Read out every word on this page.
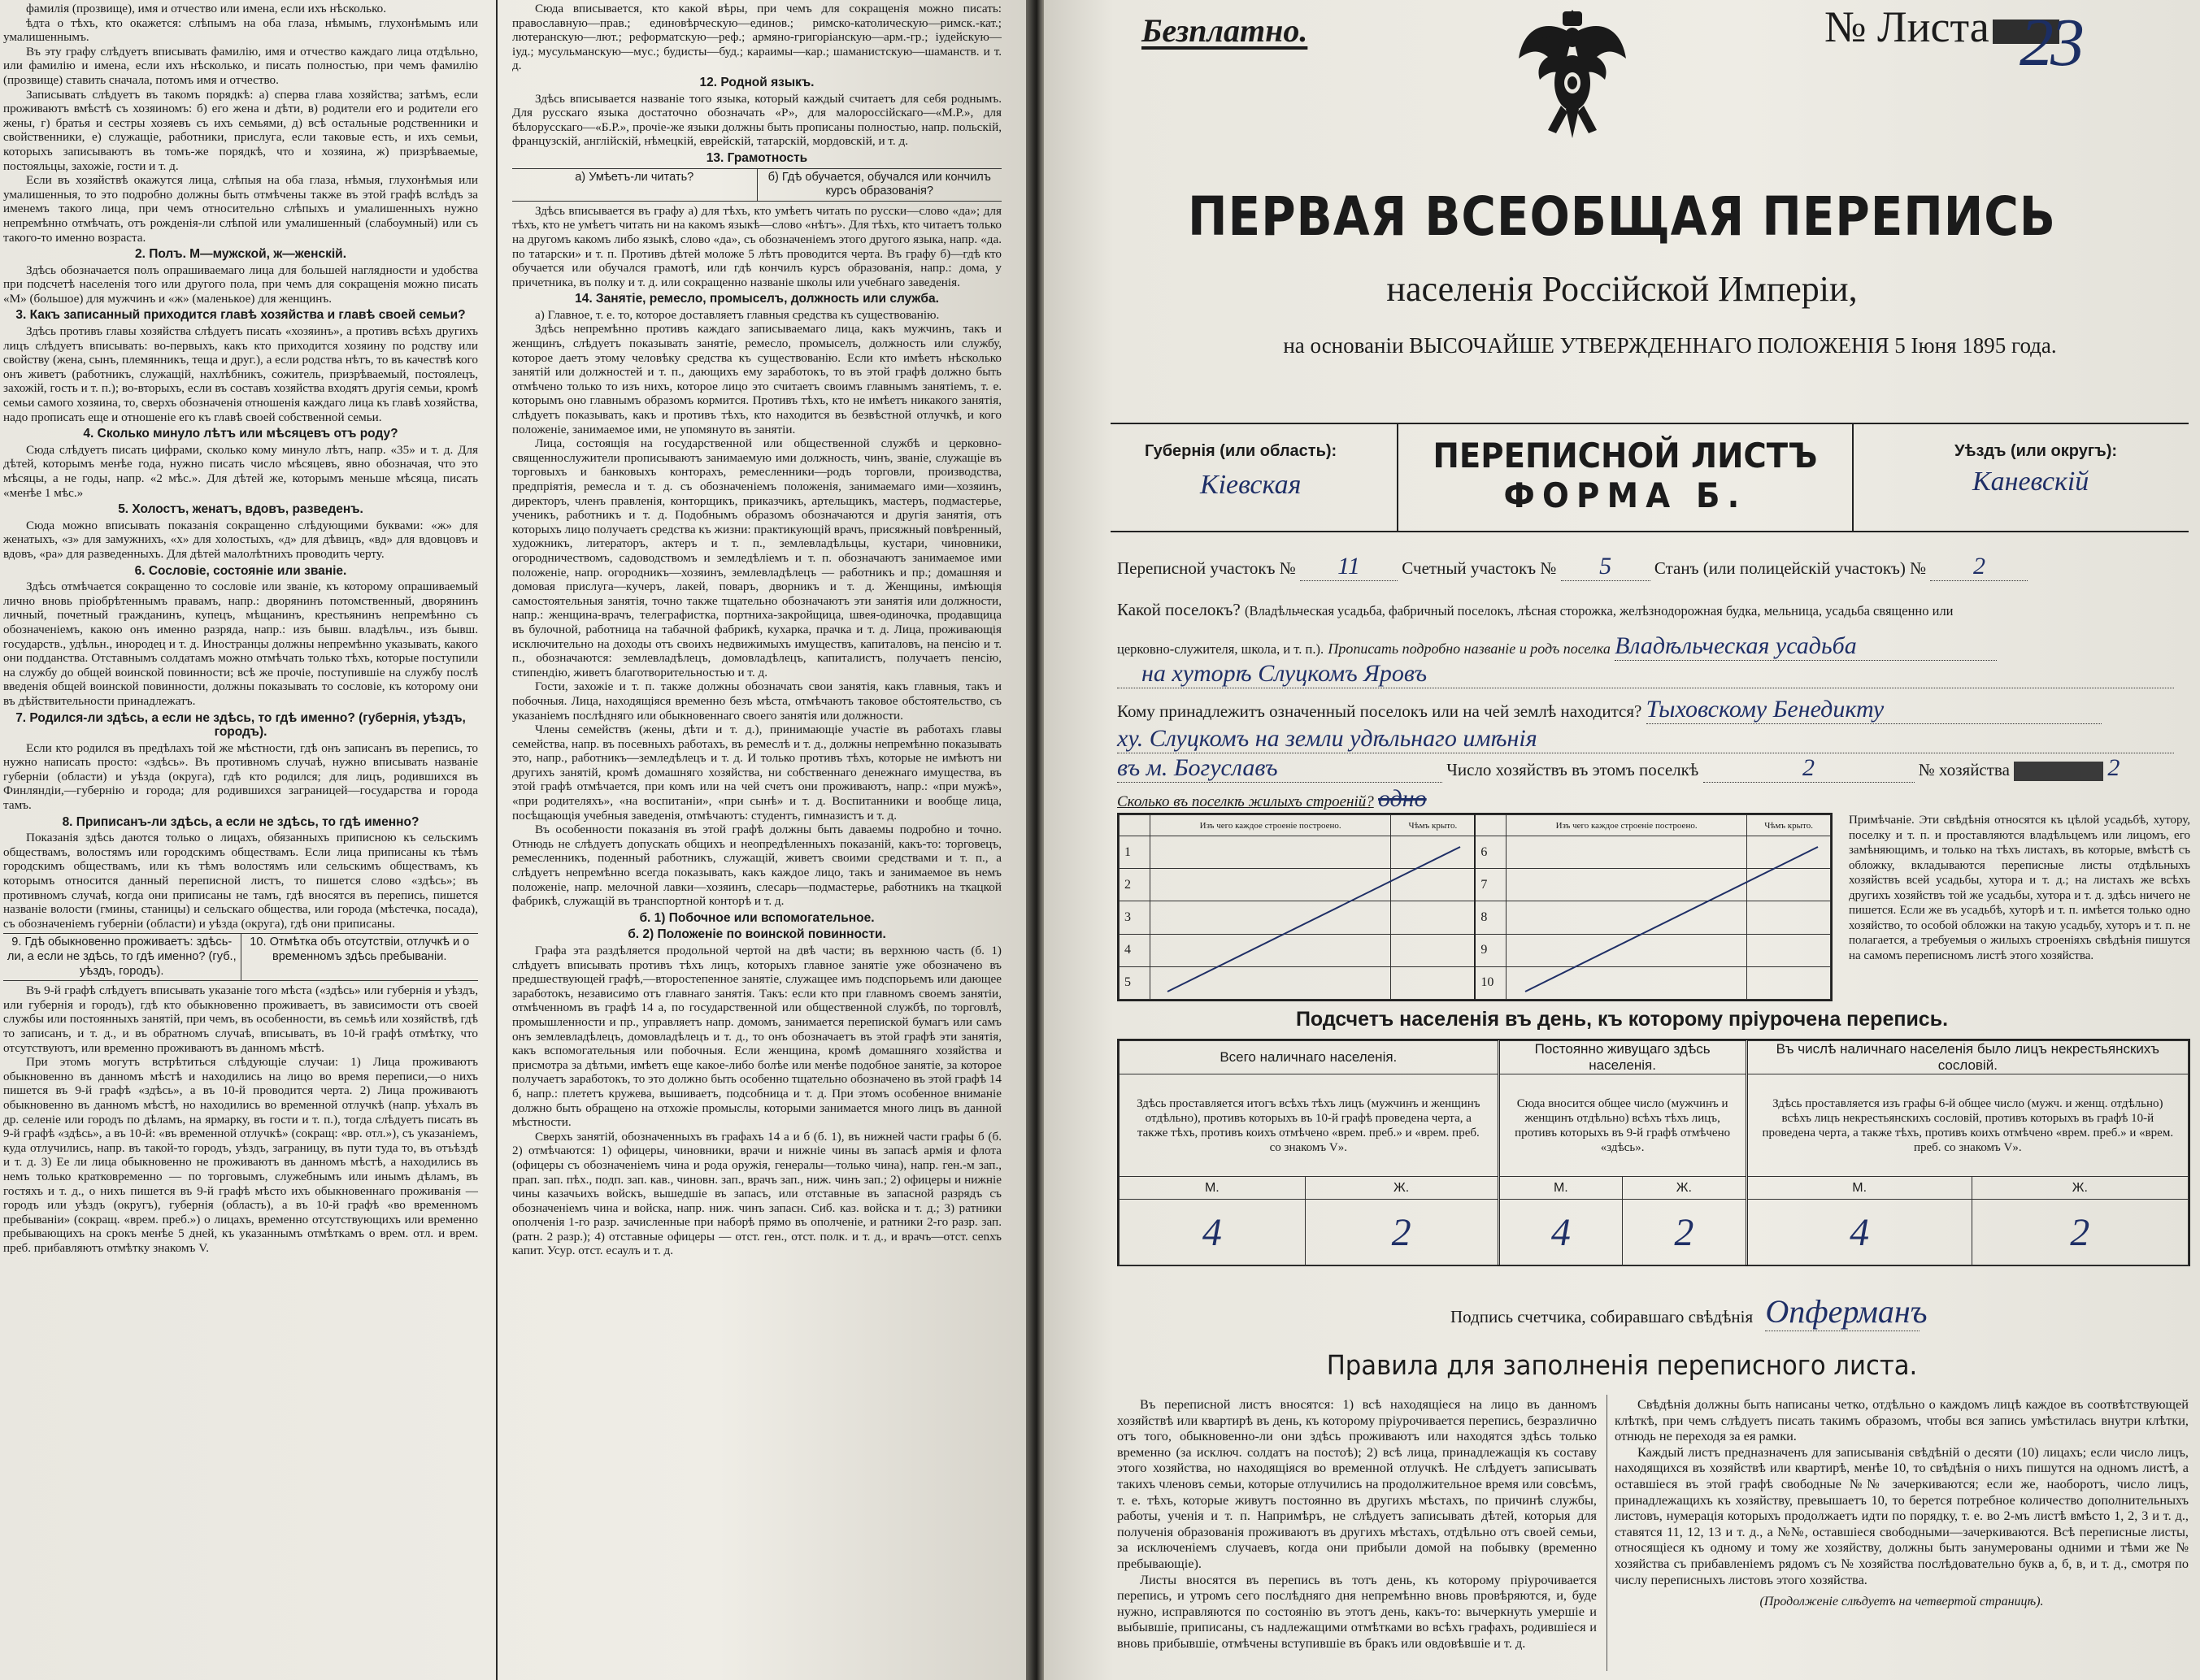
фамилія (прозвище), имя и отчество или имена, если ихъ нѣсколько.

ѣдта о тѣхъ, кто окажется: слѣпымъ на оба глаза, нѣмымъ, глухонѣмымъ или умалишеннымъ.

Въ эту графу слѣдуетъ вписывать фамилію, имя и отчество каждаго лица отдѣльно, или фамилію и имена, если ихъ нѣсколько, и писать полностью, при чемъ фамилію (прозвище) ставить сначала, потомъ имя и отчество.

Записывать слѣдуетъ въ такомъ порядкѣ: а) сперва глава хозяйства; затѣмъ, если проживаютъ вмѣстѣ съ хозяиномъ: б) его жена и дѣти, в) родители его и родители его жены, г) братья и сестры хозяевъ съ ихъ семьями, д) всѣ остальные родственники и свойственники, е) служащіе, работники, прислуга, если таковые есть, и ихъ семьи, которыхъ записываютъ въ томъ-же порядкѣ, что и хозяина, ж) призрѣваемые, постояльцы, захожіе, гости и т. д.

Если въ хозяйствѣ окажутся лица, слѣпыя на оба глаза, нѣмыя, глухонѣмыя или умалишенныя, то это подробно должны быть отмѣчены также въ этой графѣ вслѣдъ за именемъ такого лица, при чемъ относительно слѣпыхъ и умалишенныхъ нужно непремѣнно отмѣчать, отъ рожденія-ли слѣпой или умалишенный (слабоумный) или съ такого-то именно возраста.

2. Полъ. М—мужской, ж—женскій.

Здѣсь обозначается полъ опрашиваемаго лица для большей наглядности и удобства при подсчетѣ населенія того или другого пола, при чемъ для сокращенія можно писать «М» (большое) для мужчинъ и «ж» (маленькое) для женщинъ.

3. Какъ записанный приходится главѣ хозяйства и главѣ своей семьи?

Здѣсь противъ главы хозяйства слѣдуетъ писать «хозяинъ», а противъ всѣхъ другихъ лицъ слѣдуетъ вписывать: во-первыхъ, какъ кто приходится хозяину по родству или свойству (жена, сынъ, племянникъ, теща и друг.), а если родства нѣтъ, то въ качествѣ кого онъ живетъ (работникъ, служащій, нахлѣбникъ, сожитель, призрѣваемый, постоялецъ, захожій, гость и т. п.); во-вторыхъ, если въ составъ хозяйства входятъ другія семьи, кромѣ семьи самого хозяина, то, сверхъ обозначенія отношенія каждаго лица къ главѣ хозяйства, надо прописать еще и отношеніе его къ главѣ своей собственной семьи.

4. Сколько минуло лѣтъ или мѣсяцевъ отъ роду?

Сюда слѣдуетъ писать цифрами, сколько кому минуло лѣтъ, напр. «35» и т. д. Для дѣтей, которымъ менѣе года, нужно писать число мѣсяцевъ, явно обозначая, что это мѣсяцы, а не годы, напр. «2 мѣс.». Для дѣтей же, которымъ меньше мѣсяца, писать «менѣе 1 мѣс.»

5. Холостъ, женатъ, вдовъ, разведенъ.

Сюда можно вписывать показанія сокращенно слѣдующими буквами: «ж» для женатыхъ, «з» для замужнихъ, «х» для холостыхъ, «д» для дѣвицъ, «вд» для вдовцовъ и вдовъ, «ра» для разведенныхъ. Для дѣтей малолѣтнихъ проводить черту.

6. Сословіе, состояніе или званіе.

Здѣсь отмѣчается сокращенно то сословіе или званіе, къ которому опрашиваемый лично вновь пріобрѣтеннымъ правамъ, напр.: дворянинъ потомственный, дворянинъ личный, почетный гражданинъ, купецъ, мѣщанинъ, крестьянинъ непремѣнно съ обозначеніемъ, какою онъ именно разряда, напр.: изъ бывш. владѣльч., изъ бывш. государств., удѣльн., инородец и т. д. Иностранцы должны непремѣнно указывать, какого они подданства. Отставнымъ солдатамъ можно отмѣчать только тѣхъ, которые поступили на службу до общей воинской повинности; всѣ же прочіе, поступившіе на службу послѣ введенія общей воинской повинности, должны показывать то сословіе, къ которому они въ дѣйствительности принадлежатъ.

7. Родился-ли здѣсь, а если не здѣсь, то гдѣ именно? (губернія, уѣздъ, городъ).

Если кто родился въ предѣлахъ той же мѣстности, гдѣ онъ записанъ въ перепись, то нужно написать просто: «здѣсь». Въ противномъ случаѣ, нужно вписывать названіе губерніи (области) и уѣзда (округа), гдѣ кто родился; для лицъ, родившихся въ Финляндіи,—губернію и города; для родившихся заграницей—государства и города тамъ.

8. Приписанъ-ли здѣсь, а если не здѣсь, то гдѣ именно?

Показанія здѣсь даются только о лицахъ, обязанныхъ приписною къ сельскимъ обществамъ, волостямъ или городскимъ обществамъ. Если лица приписаны къ тѣмъ городскимъ обществамъ, или къ тѣмъ волостямъ или сельскимъ обществамъ, къ которымъ относится данный переписной листъ, то пишется слово «здѣсь»; въ противномъ случаѣ, когда они приписаны не тамъ, гдѣ вносятся въ перепись, пишется названіе волости (гмины, станицы) и сельскаго общества, или города (мѣстечка, посада), съ обозначеніемъ губерніи (области) и уѣзда (округа), гдѣ они приписаны.

9. Гдѣ обыкновенно проживаетъ: здѣсь-ли, а если не здѣсь, то гдѣ именно? (губ., уѣздъ, городъ).
10. Отмѣтка объ отсутствіи, отлучкѣ и о временномъ здѣсь пребываніи.

Въ 9-й графѣ слѣдуетъ вписывать указаніе того мѣста («здѣсь» или губернія и уѣздъ, или губернія и городъ), гдѣ кто обыкновенно проживаетъ, въ зависимости отъ своей службы или постоянныхъ занятій, при чемъ, въ особенности, въ семьѣ или хозяйствѣ, гдѣ то записанъ, и т. д., и въ обратномъ случаѣ, вписывать, въ 10-й графѣ отмѣтку, что отсутствуютъ, или временно проживаютъ въ данномъ мѣстѣ.

При этомъ могутъ встрѣтиться слѣдующіе случаи: 1) Лица проживаютъ обыкновенно въ данномъ мѣстѣ и находились на лицо во время переписи,—о нихъ пишется въ 9-й графѣ «здѣсь», а въ 10-й проводится черта. 2) Лица проживаютъ обыкновенно въ данномъ мѣстѣ, но находились во временной отлучкѣ (напр. уѣхалъ въ др. селеніе или городъ по дѣламъ, на ярмарку, въ гости и т. п.), тогда слѣдуетъ писать въ 9-й графѣ «здѣсь», а въ 10-й: «въ временной отлучкѣ» (сокращ: «вр. отл.»), съ указаніемъ, куда отлучились, напр. въ такой-то городъ, уѣздъ, заграницу, въ пути тудa то, въ отъѣздѣ и т. д. 3) Ее ли лица обыкновенно не проживаютъ въ данномъ мѣстѣ, а находились въ немъ только кратковременно — по торговымъ, служебнымъ или инымъ дѣламъ, въ гостяхъ и т. д., о нихъ пишется въ 9-й графѣ мѣсто ихъ обыкновеннаго проживанія — городъ или уѣздъ (округъ), губернія (область), а въ 10-й графѣ «во временномъ пребываніи» (сокращ. «врем. преб.») о лицахъ, временно отсутствующихъ или временно пребывающихъ на срокъ менѣе 5 дней, къ указаннымъ отмѣткамъ о врем. отл. и врем. преб. прибавляютъ отмѣтку знакомъ V.

Сюда вписывается, кто какой вѣры, при чемъ для сокращенія можно писать: православную—прав.; единовѣрческую—единов.; римско-католическую—римск.-кат.; лютеранскую—лют.; реформатскую—реф.; армяно-григоріанскую—арм.-гр.; іудейскую—іуд.; мусульманскую—мус.; будисты—буд.; караимы—кар.; шаманистскую—шаманств. и т. д.

12. Родной языкъ.

Здѣсь вписывается названіе того языка, который каждый считаетъ для себя роднымъ. Для русскаго языка достаточно обозначать «Р», для малороссійскаго—«М.Р.», для бѣлорусскаго—«Б.Р.», прочіе-же языки должны быть прописаны полностью, напр. польскій, французскій, англійскій, нѣмецкій, еврейскій, татарскій, мордовскій, и т. д.

13. Грамотность
а) Умѣетъ-ли читать?	б) Гдѣ обучается, обучался или кончилъ курсъ образованія?

Здѣсь вписывается въ графу а) для тѣхъ, кто умѣетъ читать по русски—слово «да»; для тѣхъ, кто не умѣетъ читать ни на какомъ языкѣ—слово «нѣтъ». Для тѣхъ, кто читаетъ только на другомъ какомъ либо языкѣ, слово «да», съ обозначеніемъ этого другого языка, напр. «да. по татарски» и т. п. Противъ дѣтей моложе 5 лѣтъ проводится черта. Въ графу б)—гдѣ кто обучается или обучался грамотѣ, или гдѣ кончилъ курсъ образованія, напр.: дома, у причетника, въ полку и т. д. или сокращенно названіе школы или учебнаго заведенія.

14. Занятіе, ремесло, промыселъ, должность или служба.

а) Главное, т. е. то, которое доставляетъ главныя средства къ существованію.

Здѣсь непремѣнно противъ каждаго записываемаго лица, какъ мужчинъ, такъ и женщинъ, слѣдуетъ показывать занятіе, ремесло, промыселъ, должность или службу, которое даетъ этому человѣку средства къ существованію. Если кто имѣетъ нѣсколько занятій или должностей и т. п., дающихъ ему заработокъ, то въ этой графѣ должно быть отмѣчено только то изъ нихъ, которое лицо это считаетъ своимъ главнымъ занятіемъ, т. е. которымъ оно главнымъ образомъ кормится. Противъ тѣхъ, кто не имѣетъ никакого занятія, слѣдуетъ показывать, какъ и противъ тѣхъ, кто находится въ безвѣстной отлучкѣ, и кого положеніе, занимаемое ими, не упомянуто въ занятіи.

Лица, состоящія на государственной или общественной службѣ и церковно-священнослужители прописываютъ занимаемую ими должность, чинъ, званіе, служащіе въ торговыхъ и банковыхъ конторахъ, ремесленники—родъ торговли, производства, предпріятія, ремесла и т. д. съ обозначеніемъ положенія, занимаемаго ими—хозяинъ, директоръ, членъ правленія, конторщикъ, приказчикъ, артельщикъ, мастеръ, подмастерье, ученикъ, работникъ и т. д. Подобнымъ образомъ обозначаются и другія занятія, отъ которыхъ лицо получаетъ средства къ жизни: практикующій врачъ, присяжный повѣренный, художникъ, литераторъ, актеръ и т. п., землевладѣльцы, кустари, чиновники, огородничествомъ, садоводствомъ и земледѣліемъ и т. п. обозначаютъ занимаемое ими положеніе, напр. огородникъ—хозяинъ, землевладѣлецъ — работникъ и пр.; домашняя и домовая прислуга—кучеръ, лакей, поваръ, дворникъ и т. д. Женщины, имѣющія самостоятельныя занятія, точно также тщательно обозначаютъ эти занятія или должности, напр.: женщина-врачъ, телеграфистка, портниха-закройщица, швея-одиночка, продавщица въ булочной, работница на табачной фабрикѣ, кухарка, прачка и т. д. Лица, проживающія исключительно на доходы отъ своихъ недвижимыхъ имуществъ, капиталовъ, на пенсію и т. п., обозначаются: землевладѣлецъ, домовладѣлецъ, капиталистъ, получаетъ пенсію, стипендію, живетъ благотворительностью и т. д.

Гости, захожіе и т. п. также должны обозначать свои занятія, какъ главныя, такъ и побочныя. Лица, находящіяся временно безъ мѣста, отмѣчаютъ таковое обстоятельство, съ указаніемъ послѣдняго или обыкновеннаго своего занятія или должности.

Члены семействъ (жены, дѣти и т. д.), принимающіе участіе въ работахъ главы семейства, напр. въ посевныхъ работахъ, въ ремеслѣ и т. д., должны непремѣнно показывать это, напр., работникъ—земледѣлецъ и т. д. И только противъ тѣхъ, которые не имѣютъ ни другихъ занятій, кромѣ домашняго хозяйства, ни собственнаго денежнаго имущества, въ этой графѣ отмѣчается, при комъ или на чей счетъ они проживаютъ, напр.: «при мужѣ», «при родителяхъ», «на воспитаніи», «при сынѣ» и т. д. Воспитанники и вообще лица, посѣщающія учебныя заведенія, отмѣчаютъ: студентъ, гимназистъ и т. д.

Въ особенности показанія въ этой графѣ должны быть даваемы подробно и точно. Отнюдь не слѣдуетъ допускать общихъ и неопредѣленныхъ показаній, какъ-то: торговецъ, ремесленникъ, поденный работникъ, служащій, живетъ своими средствами и т. п., а слѣдуетъ непремѣнно всегда показывать, какъ каждое лицо, такъ и занимаемое въ немъ положеніе, напр. мелочной лавки—хозяинъ, слесарь—подмастерье, работникъ на ткацкой фабрикѣ, служащій въ транспортной конторѣ и т. д.

б. 1) Побочное или вспомогательное.
б. 2) Положеніе по воинской повинности.

Графа эта раздѣляется продольной чертой на двѣ части; въ верхнюю часть (б. 1) слѣдуетъ вписывать противъ тѣхъ лицъ, которыхъ главное занятіе уже обозначено въ предшествующей графѣ,—второстепенное занятіе, служащее имъ подспорьемъ или дающее заработокъ, независимо отъ главнаго занятія. Такъ: если кто при главномъ своемъ занятіи, отмѣченномъ въ графѣ 14 а, по государственной или общественной службѣ, по торговлѣ, промышленности и пр., управляетъ напр. домомъ, занимается перепиской бумагъ или самъ онъ землевладѣлецъ, домовладѣлецъ и т. д., то онъ обозначаетъ въ этой графѣ эти занятія, какъ вспомогательныя или побочныя. Если женщина, кромѣ домашняго хозяйства и присмотра за дѣтьми, имѣетъ еще какое-либо болѣе или менѣе подобное занятіе, за которое получаетъ заработокъ, то это должно быть особенно тщательно обозначено въ этой графѣ 14 б, напр.: плететъ кружева, вышиваетъ, подсобница и т. д. При этомъ особенное вниманіе должно быть обращено на отхожіе промыслы, которыми занимается много лицъ въ данной мѣстности.

Сверхъ занятій, обозначенныхъ въ графахъ 14 а и б (б. 1), въ нижней части графы б (б. 2) отмѣчаются: 1) офицеры, чиновники, врачи и нижніе чины въ запасѣ армія и флота (офицеры съ обозначеніемъ чина и рода оружія, генералы—только чина), напр. ген.-м зап., прап. зап. пѣх., подп. зап. кав., чиновн. зап., врачъ зап., ниж. чинъ зап.; 2) офицеры и нижніе чины казачьихъ войскъ, вышедшіе въ запасъ, или отставные въ запасной разрядъ съ обозначеніемъ чина и войска, напр. ниж. чинъ запасн. Сиб. каз. войска и т. д.; 3) ратники ополченія 1-го разр. зачисленные при наборѣ прямо въ ополченіе, и ратники 2-го разр. зап. (ратн. 2 разр.); 4) отставные офицеры — отст. ген., отст. полк. и т. д., и врачъ—отст. сеnхъ капит. Усур. отст. есаулъ и т. д.

Безплатно.	№ Листа 23
ПЕРВАЯ ВСЕОБЩАЯ ПЕРЕПИСЬ
населенія Россійской Имперіи,
на основаніи ВЫСОЧАЙШЕ УТВЕРЖДЕННАГО ПОЛОЖЕНІЯ 5 Іюня 1895 года.
Губернія (или область):
Кіевская
ПЕРЕПИСНОЙ ЛИСТЪ
ФОРМА Б.
Уѣздъ (или округъ):
Каневскій
Переписной участокъ № 11 Счетный участокъ № 5	Станъ (или полицейскій участокъ) № 2
Какой поселокъ? (Владѣльческая усадьба, фабричный поселокъ, лѣсная сторожка, желѣзнодорожная будка, мельница, усадьба священно или
церковно-служителя, школа, и т. п.). Прописать подробно названіе и родъ поселка Владѣльческая усадьба
на хуторѣ Слуцкомъ Яровъ
Кому принадлежитъ означенный поселокъ или на чей землѣ находится? Тыховскому Бенедикту
ху. Слуцкомъ на земли удѣльнаго имѣнія
въ м. Богуславъ	Число хозяйствъ въ этомъ поселкѣ	2	№ хозяйства	2
Сколько въ поселкѣ жилыхъ строеній? одно
	Изъ чего каждое строеніе построено.	Чѣмъ крыто.		Изъ чего каждое строеніе построено.	Чѣмъ крыто.
1			6		
2			7		
3			8		
4			9		
5			10		
Примѣчаніе. Эти свѣдѣнія относятся къ цѣлой усадьбѣ, хутору, поселку и т. п. и проставляются владѣльцемъ или лицомъ, его замѣняющимъ, и только на тѣхъ листахъ, въ которые, вмѣстѣ съ обложку, вкладываются переписные листы отдѣльныхъ хозяйствъ всей усадьбы, хутора и т. д.; на листахъ же всѣхъ другихъ хозяйствъ той же усадьбы, хутора и т. д. здѣсь ничего не пишется. Если же въ усадьбѣ, хуторѣ и т. п. имѣется только одно хозяйство, то особой обложки на такую усадьбу, хуторъ и т. п. не полагается, а требуемыя о жилыхъ строеніяхъ свѣдѣнія пишутся на самомъ переписномъ листѣ этого хозяйства.
Подсчетъ населенія въ день, къ которому пріурочена перепись.
Всего наличнаго населенія.		Постоянно живущаго здѣсь населенія.		Въ числѣ наличнаго населенія было лицъ некрестьянскихъ сословій.	
Здѣсь проставляется итогъ всѣхъ тѣхъ лицъ (мужчинъ и женщинъ отдѣльно), противъ которыхъ въ 10-й графѣ проведена черта, а также тѣхъ, противъ коихъ отмѣчено «врем. преб.» и «врем. преб. со знакомъ V».		Сюда вносится общее число (мужчинъ и женщинъ отдѣльно) всѣхъ тѣхъ лицъ, противъ которыхъ въ 9-й графѣ отмѣчено «здѣсь».		Здѣсь проставляется изъ графы 6-й общее число (мужч. и женщ. отдѣльно) всѣхъ лицъ некрестьянскихъ сословій, противъ которыхъ въ графѣ 10-й проведена черта, а также тѣхъ, противъ коихъ отмѣчено «врем. преб.» и «врем. преб. со знакомъ V».	
М.	Ж.	М.	Ж.	М.	Ж.
4	2	4	2	4	2
Подпись счетчика, собиравшаго свѣдѣнія Опферманъ
Правила для заполненія переписного листа.

Въ переписной листъ вносятся: 1) всѣ находящіеся на лицо въ данномъ хозяйствѣ или квартирѣ въ день, къ которому пріурочивается перепись, безразлично отъ того, обыкновенно-ли они здѣсь проживаютъ или находятся здѣсь только временно (за исключ. солдатъ на постоѣ); 2) всѣ лица, принадлежащія къ составу этого хозяйства, но находящіяся во временной отлучкѣ. Не слѣдуетъ записывать такихъ членовъ семьи, которые отлучились на продолжительное время или совсѣмъ, т. е. тѣхъ, которые живутъ постоянно въ другихъ мѣстахъ, по причинѣ службы, работы, ученія и т. п. Напримѣръ, не слѣдуетъ записывать дѣтей, которыя для полученія образованія проживаютъ въ другихъ мѣстахъ, отдѣльно отъ своей семьи, за исключеніемъ случаевъ, когда они прибыли домой на побывку (временно пребывающіе).

Листы вносятся въ перепись въ тотъ день, къ которому пріурочивается перепись, и утромъ сего послѣдняго дня непремѣнно вновь провѣряются, и, буде нужно, исправляются по состоянію въ этотъ день, какъ-то: вычеркнуть умершіе и выбывшіе, приписаны, съ надлежащими отмѣтками во всѣхъ графахъ, родившіеся и вновь прибывшіе, отмѣчены вступившіе въ бракъ или овдовѣвшіе и т. д.

Свѣдѣнія должны быть написаны четко, отдѣльно о каждомъ лицѣ каждое въ соотвѣтствующей клѣткѣ, при чемъ слѣдуетъ писать такимъ образомъ, чтобы вся запись умѣстилась внутри клѣтки, отнюдь не переходя за ея рамки.

Каждый листъ предназначенъ для записыванія свѣдѣній о десяти (10) лицахъ; если число лицъ, находящихся въ хозяйствѣ или квартирѣ, менѣе 10, то свѣдѣнія о нихъ пишутся на одномъ листѣ, а оставшіеся въ этой графѣ свободные №№ зачеркиваются; если же, наоборотъ, число лицъ, принадлежащихъ къ хозяйству, превышаетъ 10, то берется потребное количество дополнительныхъ листовъ, нумерація которыхъ продолжаетъ идти по порядку, т. е. во 2-мъ листѣ вмѣсто 1, 2, 3 и т. д., ставятся 11, 12, 13 и т. д., а №№, оставшіеся свободными—зачеркиваются. Всѣ переписные листы, относящіеся къ одному и тому же хозяйству, должны быть занумерованы одними и тѣми же № хозяйства съ прибавленіемъ рядомъ съ № хозяйства послѣдовательно букв а, б, в, и т. д., смотря по числу переписныхъ листовъ этого хозяйства.

(Продолженіе слѣдуетъ на четвертой страницѣ).
